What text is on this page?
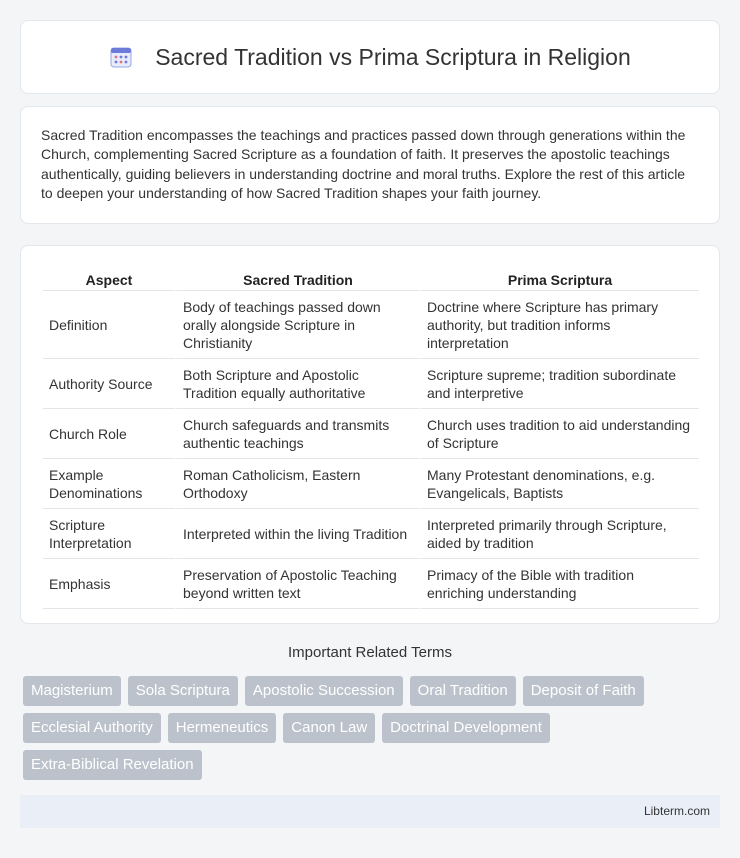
Sacred Tradition vs Prima Scriptura in Religion

Sacred Tradition encompasses the teachings and practices passed down through generations within the Church, complementing Sacred Scripture as a foundation of faith. It preserves the apostolic teachings authentically, guiding believers in understanding doctrine and moral truths. Explore the rest of this article to deepen your understanding of how Sacred Tradition shapes your faith journey.

Aspect	Sacred Tradition	Prima Scriptura
Definition	Body of teachings passed down orally alongside Scripture in Christianity	Doctrine where Scripture has primary authority, but tradition informs interpretation
Authority Source	Both Scripture and Apostolic Tradition equally authoritative	Scripture supreme; tradition subordinate and interpretive
Church Role	Church safeguards and transmits authentic teachings	Church uses tradition to aid understanding of Scripture
Example Denominations	Roman Catholicism, Eastern Orthodoxy	Many Protestant denominations, e.g. Evangelicals, Baptists
Scripture Interpretation	Interpreted within the living Tradition	Interpreted primarily through Scripture, aided by tradition
Emphasis	Preservation of Apostolic Teaching beyond written text	Primacy of the Bible with tradition enriching understanding
Important Related Terms
Magisterium	Sola Scriptura	Apostolic Succession	Oral Tradition	Deposit of Faith
Ecclesial Authority	Hermeneutics	Canon Law	Doctrinal Development
Extra-Biblical Revelation
Libterm.com
